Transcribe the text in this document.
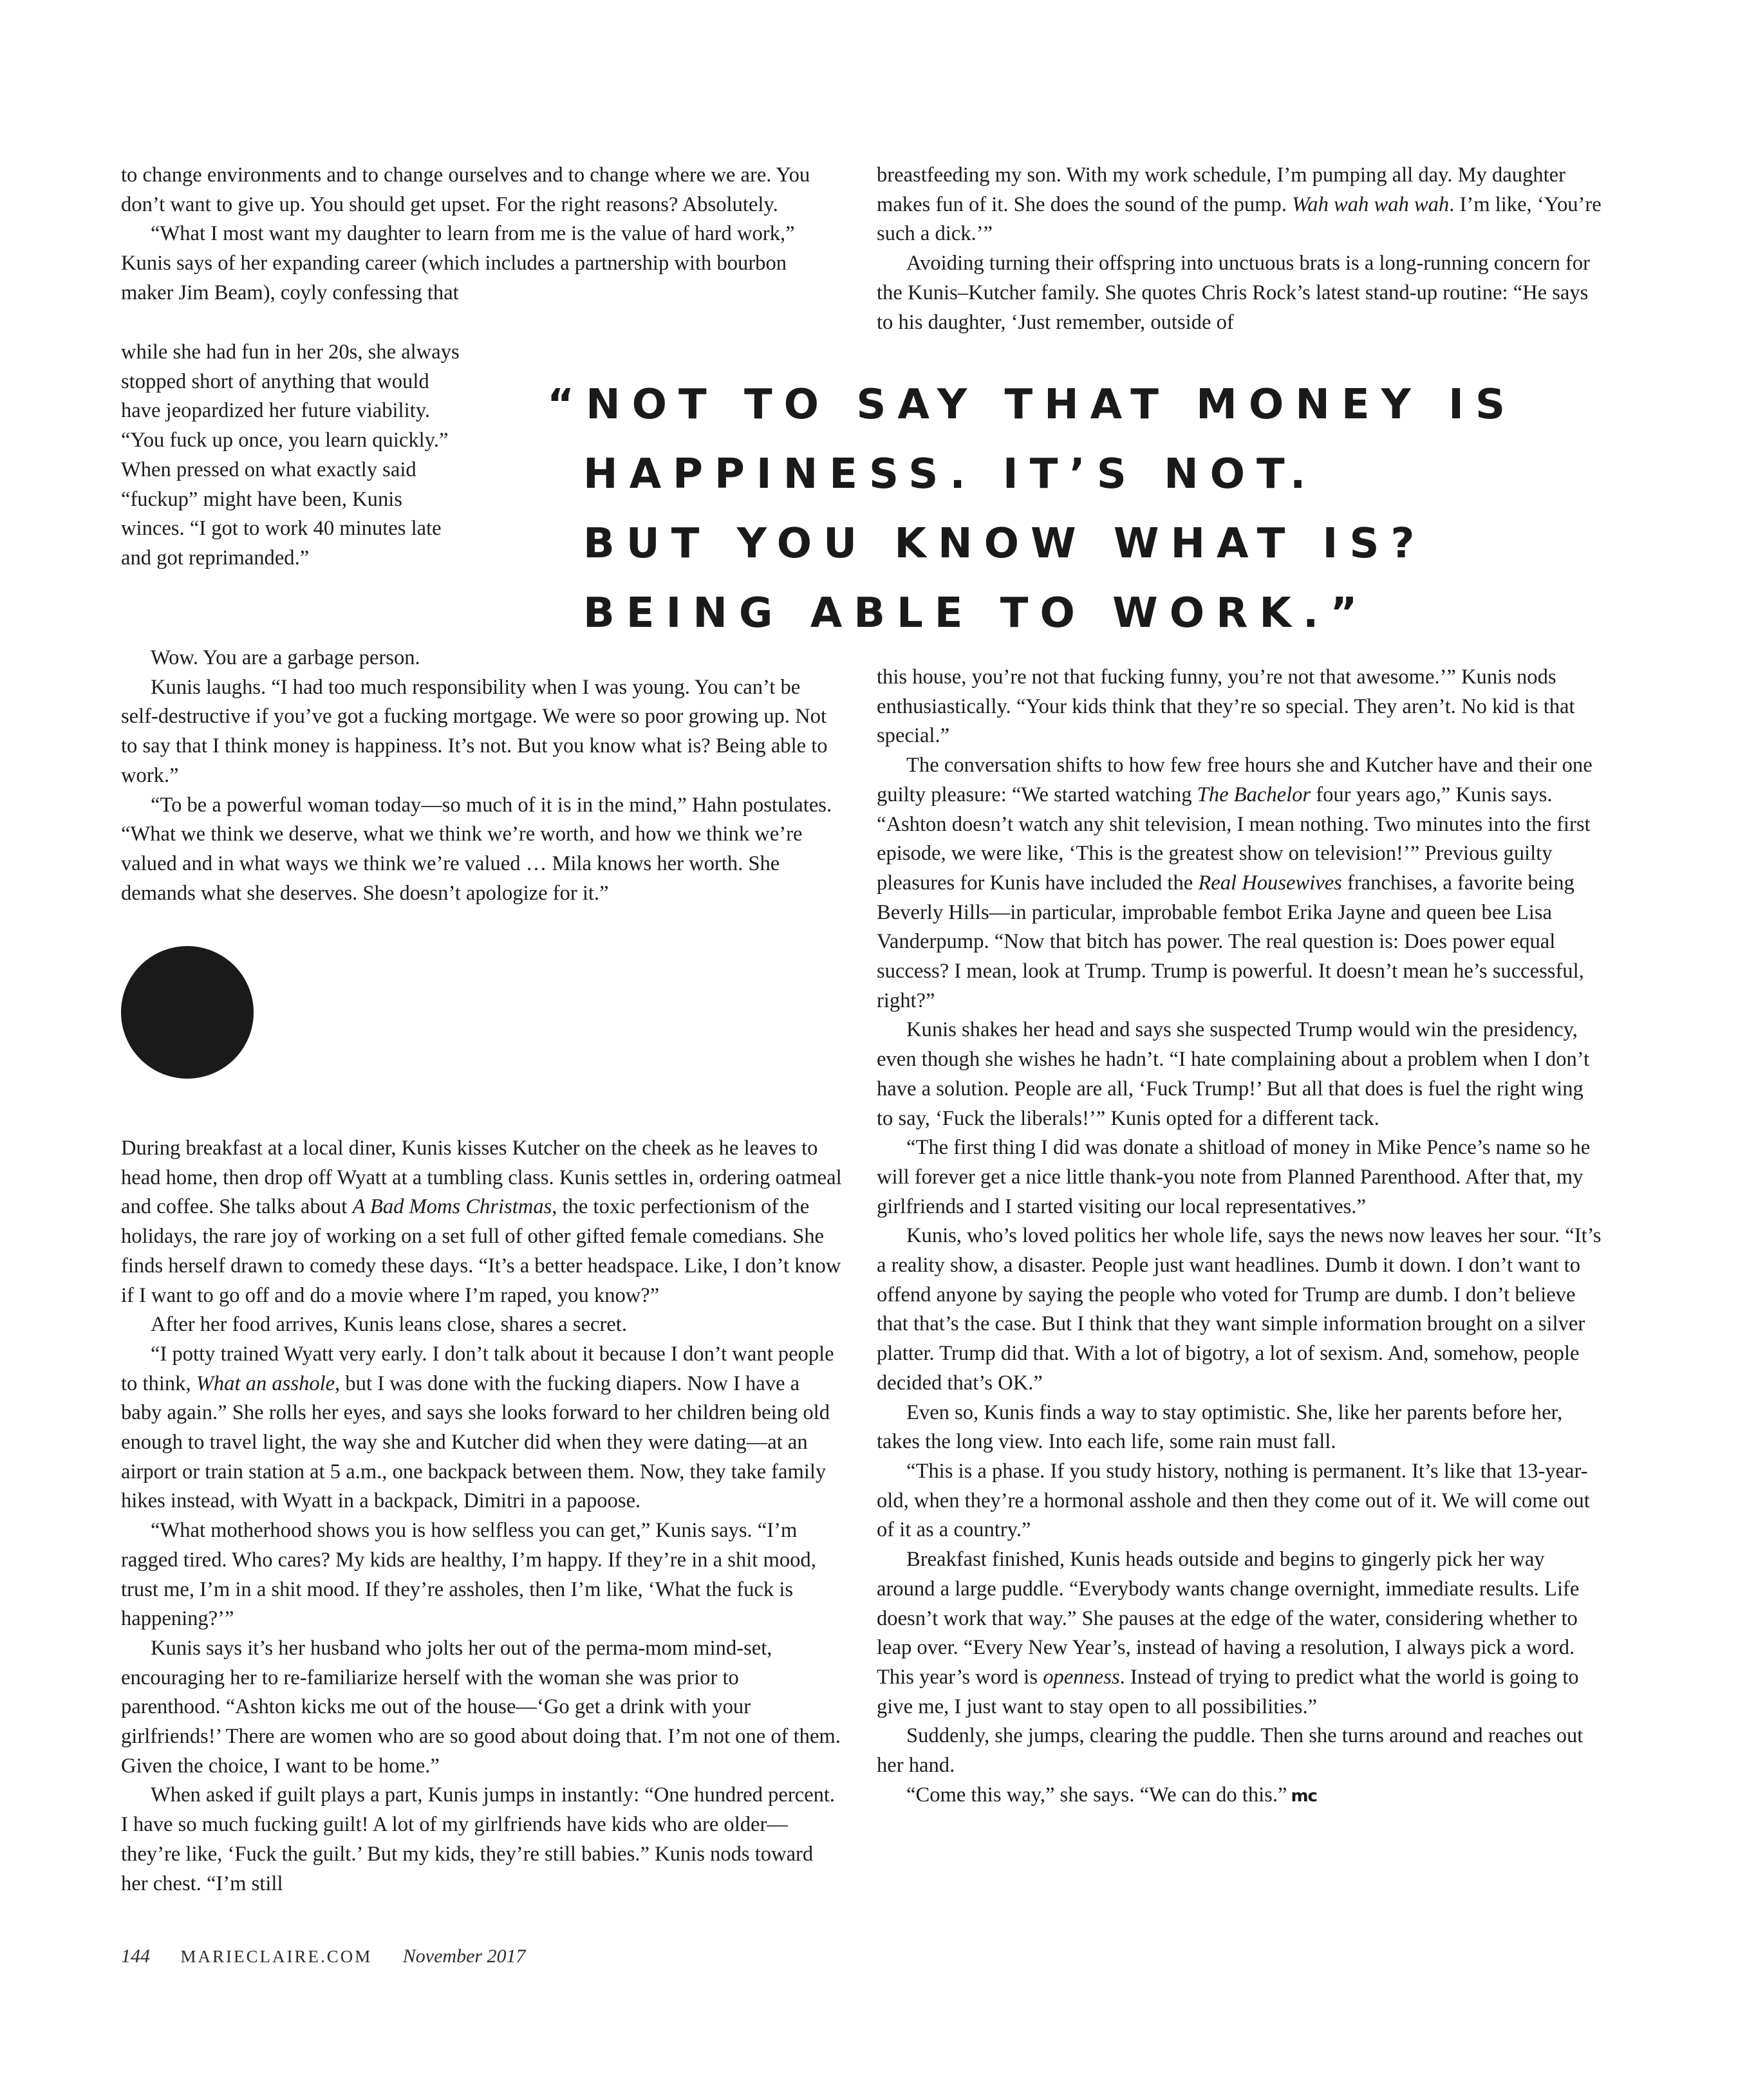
to change environments and to change ourselves and to change where we are. You don’t want to give up. You should get upset. For the right reasons? Absolutely.

“What I most want my daughter to learn from me is the value of hard work,” Kunis says of her expanding career (which includes a partnership with bourbon maker Jim Beam), coyly confessing that

while she had fun in her 20s, she always stopped short of anything that would have jeopardized her future viability. “You fuck up once, you learn quickly.” When pressed on what exactly said “fuckup” might have been, Kunis winces. “I got to work 40 minutes late and got reprimanded.”

“NOT TO SAY THAT MONEY IS
HAPPINESS. IT’S NOT.
BUT YOU KNOW WHAT IS?
BEING ABLE TO WORK.”

Wow. You are a garbage person.

Kunis laughs. “I had too much responsibility when I was young. You can’t be self-destructive if you’ve got a fucking mortgage. We were so poor growing up. Not to say that I think money is happiness. It’s not. But you know what is? Being able to work.”

“To be a powerful woman today—so much of it is in the mind,” Hahn postulates. “What we think we deserve, what we think we’re worth, and how we think we’re valued and in what ways we think we’re valued … Mila knows her worth. She demands what she deserves. She doesn’t apologize for it.”

During breakfast at a local diner, Kunis kisses Kutcher on the cheek as he leaves to head home, then drop off Wyatt at a tumbling class. Kunis settles in, ordering oatmeal and coffee. She talks about A Bad Moms Christmas, the toxic perfectionism of the holidays, the rare joy of working on a set full of other gifted female comedians. She finds herself drawn to comedy these days. “It’s a better headspace. Like, I don’t know if I want to go off and do a movie where I’m raped, you know?”

After her food arrives, Kunis leans close, shares a secret.

“I potty trained Wyatt very early. I don’t talk about it because I don’t want people to think, What an asshole, but I was done with the fucking diapers. Now I have a baby again.” She rolls her eyes, and says she looks forward to her children being old enough to travel light, the way she and Kutcher did when they were dating—at an airport or train station at 5 a.m., one backpack between them. Now, they take family hikes instead, with Wyatt in a backpack, Dimitri in a papoose.

“What motherhood shows you is how selfless you can get,” Kunis says. “I’m ragged tired. Who cares? My kids are healthy, I’m happy. If they’re in a shit mood, trust me, I’m in a shit mood. If they’re assholes, then I’m like, ‘What the fuck is happening?’”

Kunis says it’s her husband who jolts her out of the perma-mom mind-set, encouraging her to re-familiarize herself with the woman she was prior to parenthood. “Ashton kicks me out of the house—‘Go get a drink with your girlfriends!’ There are women who are so good about doing that. I’m not one of them. Given the choice, I want to be home.”

When asked if guilt plays a part, Kunis jumps in instantly: “One hundred percent. I have so much fucking guilt! A lot of my girlfriends have kids who are older—they’re like, ‘Fuck the guilt.’ But my kids, they’re still babies.” Kunis nods toward her chest. “I’m still

breastfeeding my son. With my work schedule, I’m pumping all day. My daughter makes fun of it. She does the sound of the pump. Wah wah wah wah. I’m like, ‘You’re such a dick.’”

Avoiding turning their offspring into unctuous brats is a long-running concern for the Kunis–Kutcher family. She quotes Chris Rock’s latest stand-up routine: “He says to his daughter, ‘Just remember, outside of

this house, you’re not that fucking funny, you’re not that awesome.’” Kunis nods enthusiastically. “Your kids think that they’re so special. They aren’t. No kid is that special.”

The conversation shifts to how few free hours she and Kutcher have and their one guilty pleasure: “We started watching The Bachelor four years ago,” Kunis says. “Ashton doesn’t watch any shit television, I mean nothing. Two minutes into the first episode, we were like, ‘This is the greatest show on television!’” Previous guilty pleasures for Kunis have included the Real Housewives franchises, a favorite being Beverly Hills—in particular, improbable fembot Erika Jayne and queen bee Lisa Vanderpump. “Now that bitch has power. The real question is: Does power equal success? I mean, look at Trump. Trump is powerful. It doesn’t mean he’s successful, right?”

Kunis shakes her head and says she suspected Trump would win the presidency, even though she wishes he hadn’t. “I hate complaining about a problem when I don’t have a solution. People are all, ‘Fuck Trump!’ But all that does is fuel the right wing to say, ‘Fuck the liberals!’” Kunis opted for a different tack.

“The first thing I did was donate a shitload of money in Mike Pence’s name so he will forever get a nice little thank-you note from Planned Parenthood. After that, my girlfriends and I started visiting our local representatives.”

Kunis, who’s loved politics her whole life, says the news now leaves her sour. “It’s a reality show, a disaster. People just want headlines. Dumb it down. I don’t want to offend anyone by saying the people who voted for Trump are dumb. I don’t believe that that’s the case. But I think that they want simple information brought on a silver platter. Trump did that. With a lot of bigotry, a lot of sexism. And, somehow, people decided that’s OK.”

Even so, Kunis finds a way to stay optimistic. She, like her parents before her, takes the long view. Into each life, some rain must fall.

“This is a phase. If you study history, nothing is permanent. It’s like that 13-year-old, when they’re a hormonal asshole and then they come out of it. We will come out of it as a country.”

Breakfast finished, Kunis heads outside and begins to gingerly pick her way around a large puddle. “Everybody wants change overnight, immediate results. Life doesn’t work that way.” She pauses at the edge of the water, considering whether to leap over. “Every New Year’s, instead of having a resolution, I always pick a word. This year’s word is openness. Instead of trying to predict what the world is going to give me, I just want to stay open to all possibilities.”

Suddenly, she jumps, clearing the puddle. Then she turns around and reaches out her hand.

“Come this way,” she says. “We can do this.” mc

144 MARIECLAIRE.COM November 2017
